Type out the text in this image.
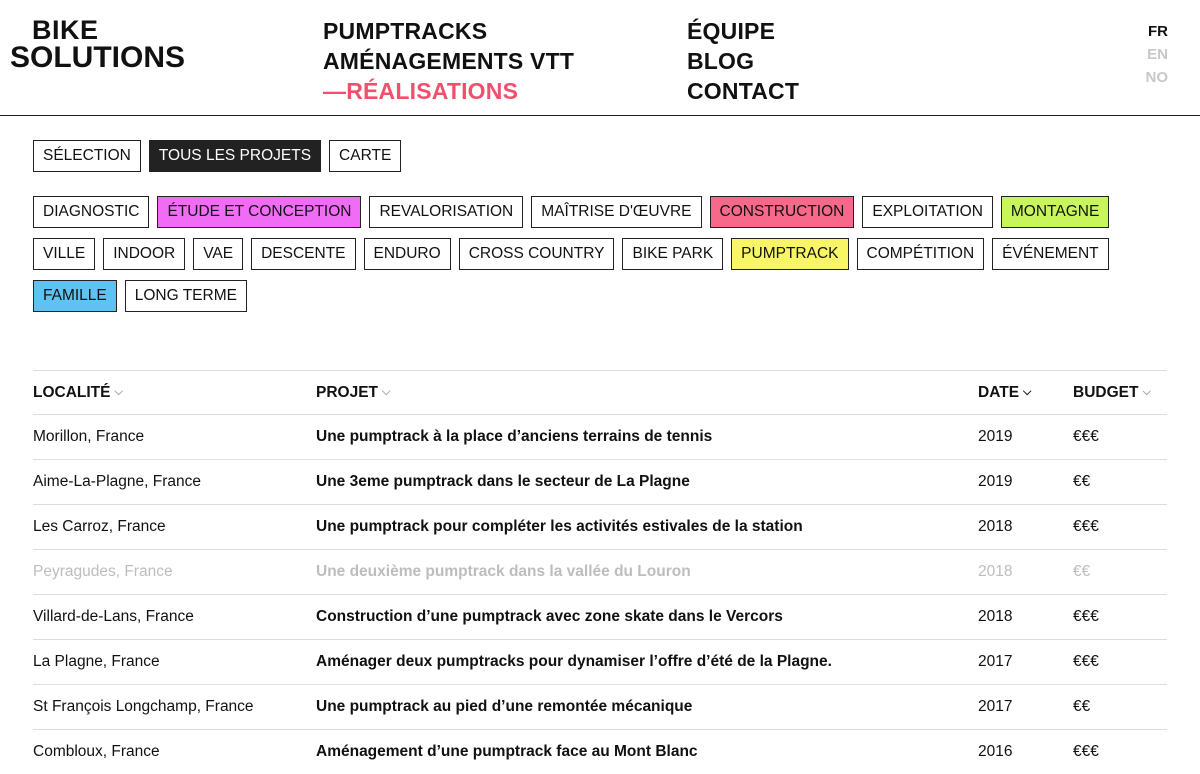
BIKE
SOLUTIONS
PUMPTRACKS
AMÉNAGEMENTS VTT
—RÉALISATIONS
ÉQUIPE
BLOG
CONTACT
FR
EN
NO
SÉLECTION	TOUS LES PROJETS	CARTE
DIAGNOSTIC	ÉTUDE ET CONCEPTION	REVALORISATION	MAÎTRISE D'ŒUVRE	CONSTRUCTION	EXPLOITATION	MONTAGNE
VILLE	INDOOR	VAE	DESCENTE	ENDURO	CROSS COUNTRY	BIKE PARK	PUMPTRACK	COMPÉTITION	ÉVÉNEMENT
FAMILLE	LONG TERME
LOCALITÉ ⌵	PROJET ⌵	DATE ⌵	BUDGET ⌵
Morillon, France	Une pumptrack à la place d’anciens terrains de tennis	2019	€€€
Aime-La-Plagne, France	Une 3eme pumptrack dans le secteur de La Plagne	2019	€€
Les Carroz, France	Une pumptrack pour compléter les activités estivales de la station	2018	€€€
Peyragudes, France	Une deuxième pumptrack dans la vallée du Louron	2018	€€
Villard-de-Lans, France	Construction d’une pumptrack avec zone skate dans le Vercors	2018	€€€
La Plagne, France	Aménager deux pumptracks pour dynamiser l’offre d’été de la Plagne.	2017	€€€
St François Longchamp, France	Une pumptrack au pied d’une remontée mécanique	2017	€€
Combloux, France	Aménagement d’une pumptrack face au Mont Blanc	2016	€€€
